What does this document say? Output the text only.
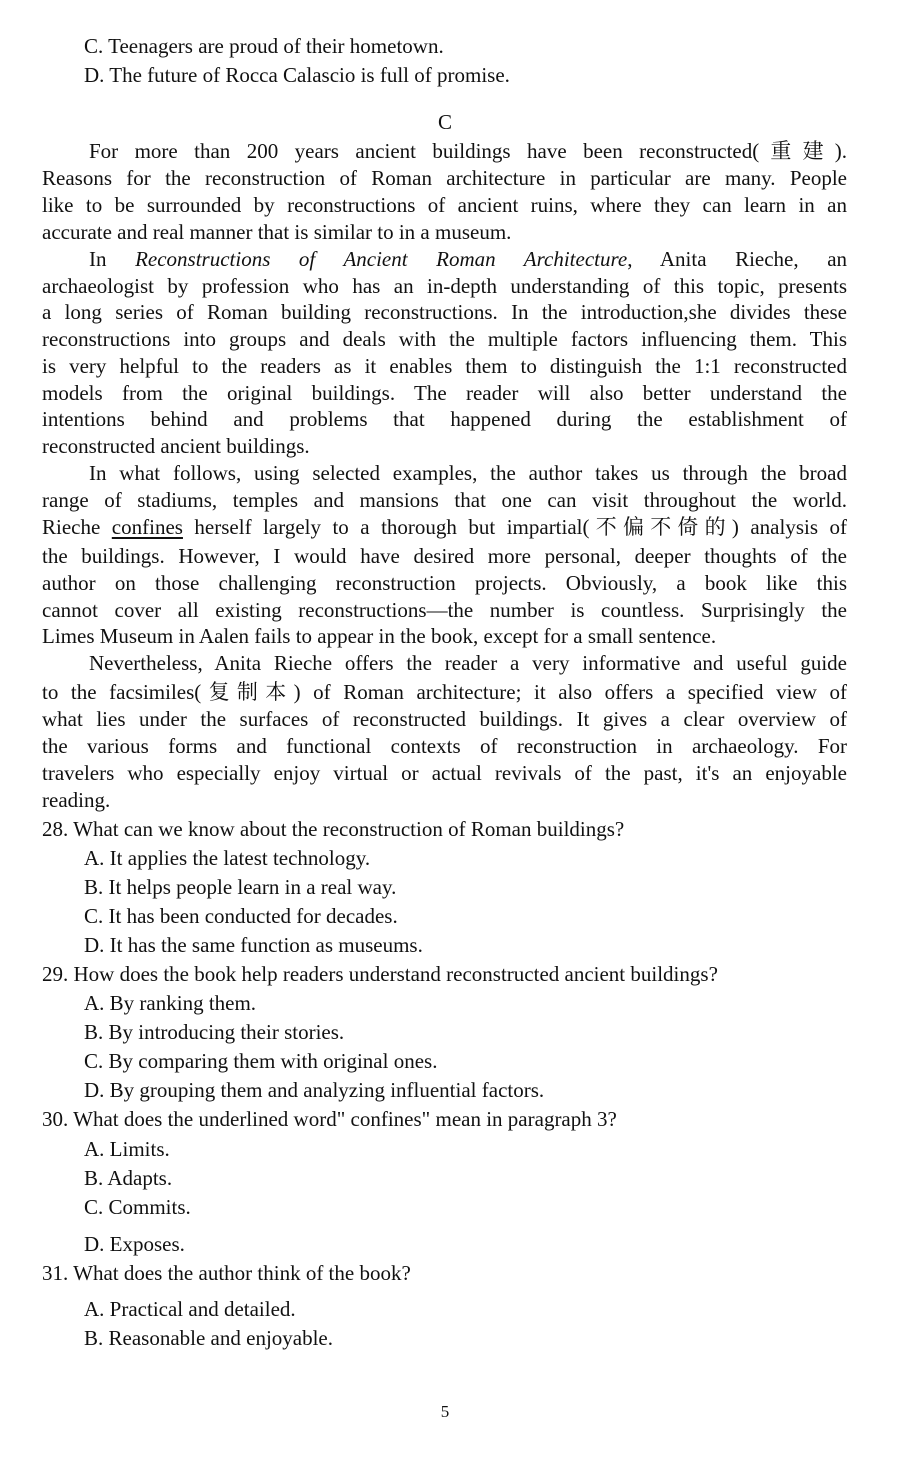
C. Teenagers are proud of their hometown.
D. The future of Rocca Calascio is full of promise.
C
For more than 200 years ancient buildings have been reconstructed(重建).
Reasons for the reconstruction of Roman architecture in particular are many. People
like to be surrounded by reconstructions of ancient ruins, where they can learn in an
accurate and real manner that is similar to in a museum.
In Reconstructions of Ancient Roman Architecture, Anita Rieche, an
archaeologist by profession who has an in-depth understanding of this topic, presents
a long series of Roman building reconstructions. In the introduction,she divides these
reconstructions into groups and deals with the multiple factors influencing them. This
is very helpful to the readers as it enables them to distinguish the 1:1 reconstructed
models from the original buildings. The reader will also better understand the
intentions behind and problems that happened during the establishment of
reconstructed ancient buildings.
In what follows, using selected examples, the author takes us through the broad
range of stadiums, temples and mansions that one can visit throughout the world.
Rieche confines herself largely to a thorough but impartial(不偏不倚的) analysis of
the buildings. However, I would have desired more personal, deeper thoughts of the
author on those challenging reconstruction projects. Obviously, a book like this
cannot cover all existing reconstructions—the number is countless. Surprisingly the
Limes Museum in Aalen fails to appear in the book, except for a small sentence.
Nevertheless, Anita Rieche offers the reader a very informative and useful guide
to the facsimiles(复制本) of Roman architecture; it also offers a specified view of
what lies under the surfaces of reconstructed buildings. It gives a clear overview of
the various forms and functional contexts of reconstruction in archaeology. For
travelers who especially enjoy virtual or actual revivals of the past, it's an enjoyable
reading.
28. What can we know about the reconstruction of Roman buildings?
A. It applies the latest technology.
B. It helps people learn in a real way.
C. It has been conducted for decades.
D. It has the same function as museums.
29. How does the book help readers understand reconstructed ancient buildings?
A. By ranking them.
B. By introducing their stories.
C. By comparing them with original ones.
D. By grouping them and analyzing influential factors.
30. What does the underlined word" confines" mean in paragraph 3?
A. Limits.
B. Adapts.
C. Commits.
D. Exposes.
31. What does the author think of the book?
A. Practical and detailed.
B. Reasonable and enjoyable.
5
